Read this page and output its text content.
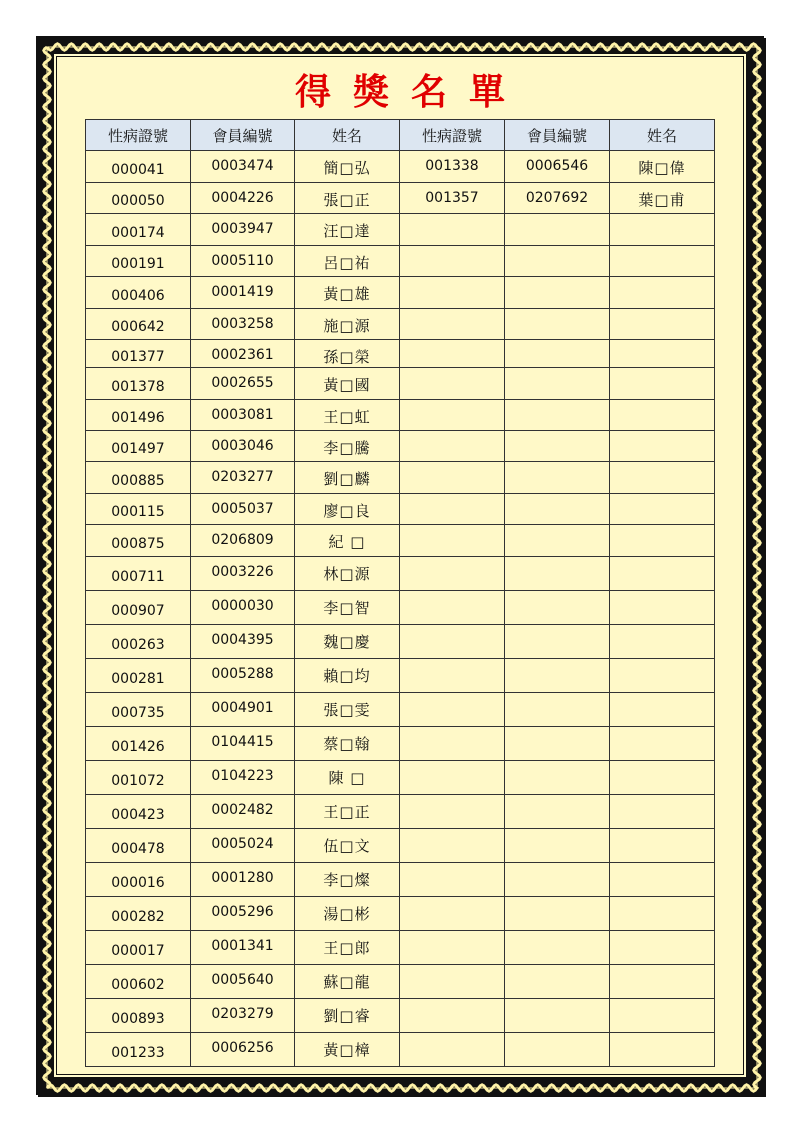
得獎名單
性病證號	會員編號	姓名	性病證號	會員編號	姓名
000041	0003474	簡□弘	001338	0006546	陳□偉
000050	0004226	張□正	001357	0207692	葉□甫
000174	0003947	汪□達			
000191	0005110	呂□祐			
000406	0001419	黃□雄			
000642	0003258	施□源			
001377	0002361	孫□榮			
001378	0002655	黃□國			
001496	0003081	王□虹			
001497	0003046	李□騰			
000885	0203277	劉□麟			
000115	0005037	廖□良			
000875	0206809	紀 □			
000711	0003226	林□源			
000907	0000030	李□智			
000263	0004395	魏□慶			
000281	0005288	賴□均			
000735	0004901	張□雯			
001426	0104415	蔡□翰			
001072	0104223	陳 □			
000423	0002482	王□正			
000478	0005024	伍□文			
000016	0001280	李□燦			
000282	0005296	湯□彬			
000017	0001341	王□郎			
000602	0005640	蘇□龍			
000893	0203279	劉□睿			
001233	0006256	黃□樟			
